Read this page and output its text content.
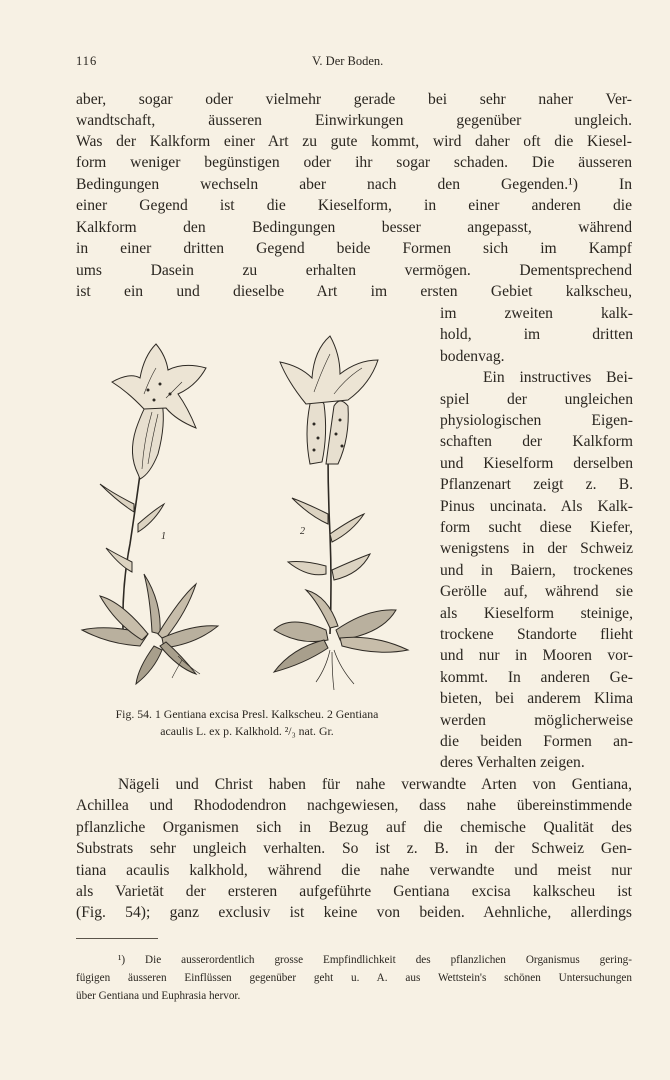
116	V. Der Boden.
aber, sogar oder vielmehr gerade bei sehr naher Ver-
wandtschaft, äusseren Einwirkungen gegenüber ungleich.
Was der Kalkform einer Art zu gute kommt, wird daher oft die Kiesel-
form weniger begünstigen oder ihr sogar schaden. Die äusseren
Bedingungen wechseln aber nach den Gegenden.¹) In
einer Gegend ist die Kieselform, in einer anderen die
Kalkform den Bedingungen besser angepasst, während
in einer dritten Gegend beide Formen sich im Kampf
ums Dasein zu erhalten vermögen. Dementsprechend
ist ein und dieselbe Art im ersten Gebiet kalkscheu,
im zweiten kalk-
hold, im dritten
bodenvag.
Ein instructives Bei-
spiel der ungleichen
physiologischen Eigen-
schaften der Kalkform
und Kieselform derselben
Pflanzenart zeigt z. B.
Pinus uncinata. Als Kalk-
form sucht diese Kiefer,
wenigstens in der Schweiz
und in Baiern, trockenes
Gerölle auf, während sie
als Kieselform steinige,
trockene Standorte flieht
und nur in Mooren vor-
kommt. In anderen Ge-
bieten, bei anderem Klima
werden möglicherweise
die beiden Formen an-
deres Verhalten zeigen.
1	2
Fig. 54. 1 Gentiana excisa Presl. Kalkscheu. 2 Gentiana
acaulis L. ex p. Kalkhold. ²/₃ nat. Gr.
Nägeli und Christ haben für nahe verwandte Arten von Gentiana,
Achillea und Rhododendron nachgewiesen, dass nahe übereinstimmende
pflanzliche Organismen sich in Bezug auf die chemische Qualität des
Substrats sehr ungleich verhalten. So ist z. B. in der Schweiz Gen-
tiana acaulis kalkhold, während die nahe verwandte und meist nur
als Varietät der ersteren aufgeführte Gentiana excisa kalkscheu ist
(Fig. 54); ganz exclusiv ist keine von beiden. Aehnliche, allerdings
¹) Die ausserordentlich grosse Empfindlichkeit des pflanzlichen Organismus gering-
fügigen äusseren Einflüssen gegenüber geht u. A. aus Wettstein's schönen Untersuchungen
über Gentiana und Euphrasia hervor.
